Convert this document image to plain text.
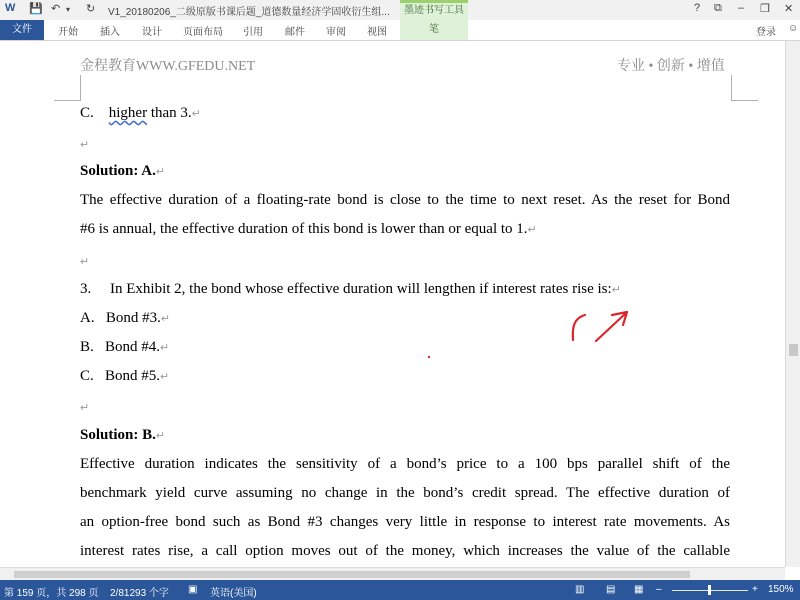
W 💾 ↶ ↻
▾	V1_20180206_二级原版书课后题_道德数量经济学固收衍生组...	墨迹书写工具	? ⧉ – ❐ ✕
文件	开始 插入 设计 页面布局 引用 邮件 审阅 视图	笔	登录 ☺
金程教育WWW.GFEDU.NET	专业 • 创新 • 增值
C. higher than 3.↵
↵
Solution: A.↵
The effective duration of a floating-rate bond is close to the time to next reset. As the reset for Bond
#6 is annual, the effective duration of this bond is lower than or equal to 1.↵
↵
3. In Exhibit 2, the bond whose effective duration will lengthen if interest rates rise is:↵
A. Bond #3.↵
B. Bond #4.↵
C. Bond #5.↵
↵
Solution: B.↵
Effective duration indicates the sensitivity of a bond’s price to a 100 bps parallel shift of the
benchmark yield curve assuming no change in the bond’s credit spread. The effective duration of
an option-free bond such as Bond #3 changes very little in response to interest rate movements. As
interest rates rise, a call option moves out of the money, which increases the value of the callable
第 159 页，共 298 页 2/81293 个字 ▣ 英语(美国)	▥ ▤ ▦ –	+ 150%
